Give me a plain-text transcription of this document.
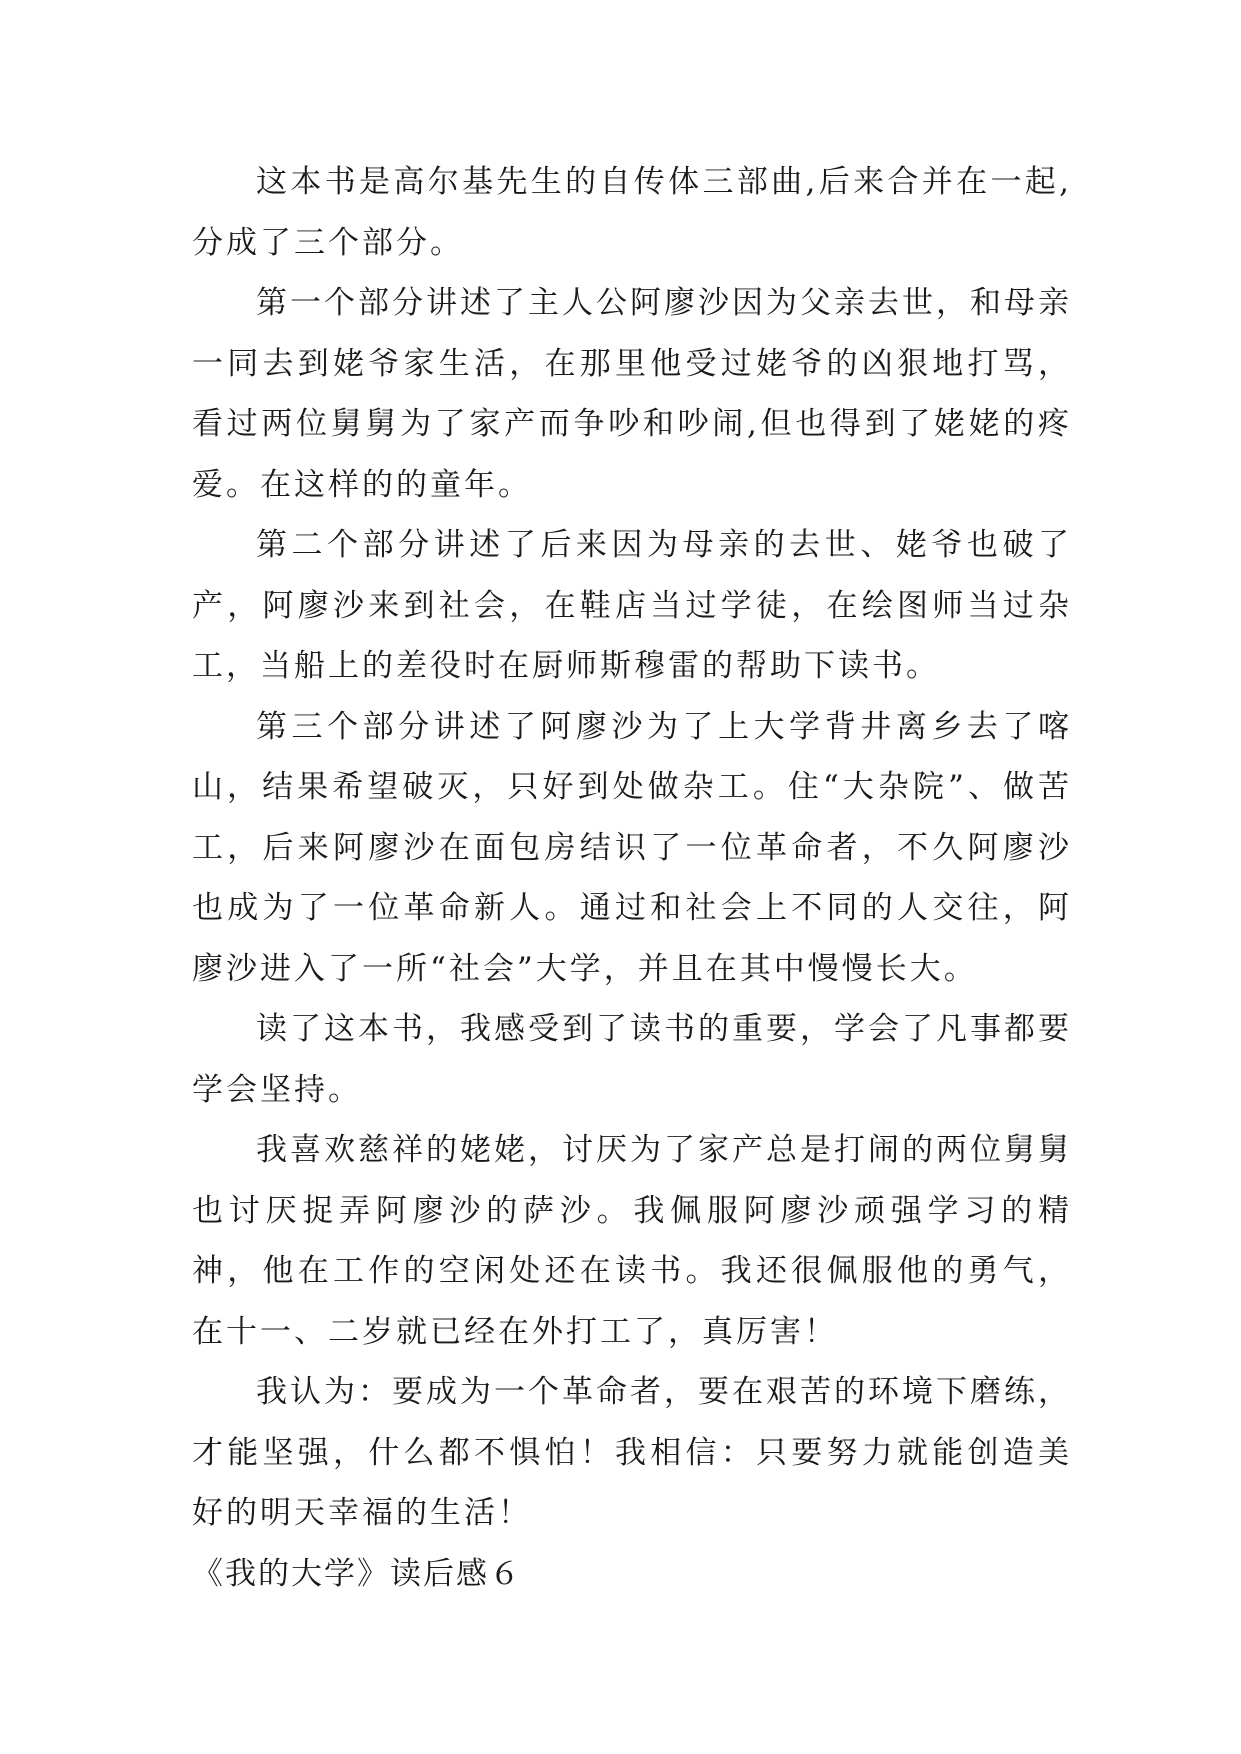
这本书是高尔基先生的自传体三部曲,后来合并在一起,分成了三个部分。

第一个部分讲述了主人公阿廖沙因为父亲去世，和母亲一同去到姥爷家生活，在那里他受过姥爷的凶狠地打骂，看过两位舅舅为了家产而争吵和吵闹,但也得到了姥姥的疼爱。在这样的的童年。

第二个部分讲述了后来因为母亲的去世、姥爷也破了产，阿廖沙来到社会，在鞋店当过学徒，在绘图师当过杂工，当船上的差役时在厨师斯穆雷的帮助下读书。

第三个部分讲述了阿廖沙为了上大学背井离乡去了喀山，结果希望破灭，只好到处做杂工。住“大杂院”、做苦工，后来阿廖沙在面包房结识了一位革命者，不久阿廖沙也成为了一位革命新人。通过和社会上不同的人交往，阿廖沙进入了一所“社会”大学，并且在其中慢慢长大。

读了这本书，我感受到了读书的重要，学会了凡事都要学会坚持。

我喜欢慈祥的姥姥，讨厌为了家产总是打闹的两位舅舅也讨厌捉弄阿廖沙的萨沙。我佩服阿廖沙顽强学习的精神，他在工作的空闲处还在读书。我还很佩服他的勇气，在十一、二岁就已经在外打工了，真厉害！

我认为：要成为一个革命者，要在艰苦的环境下磨练，才能坚强，什么都不惧怕！我相信：只要努力就能创造美好的明天幸福的生活！

《我的大学》读后感６
